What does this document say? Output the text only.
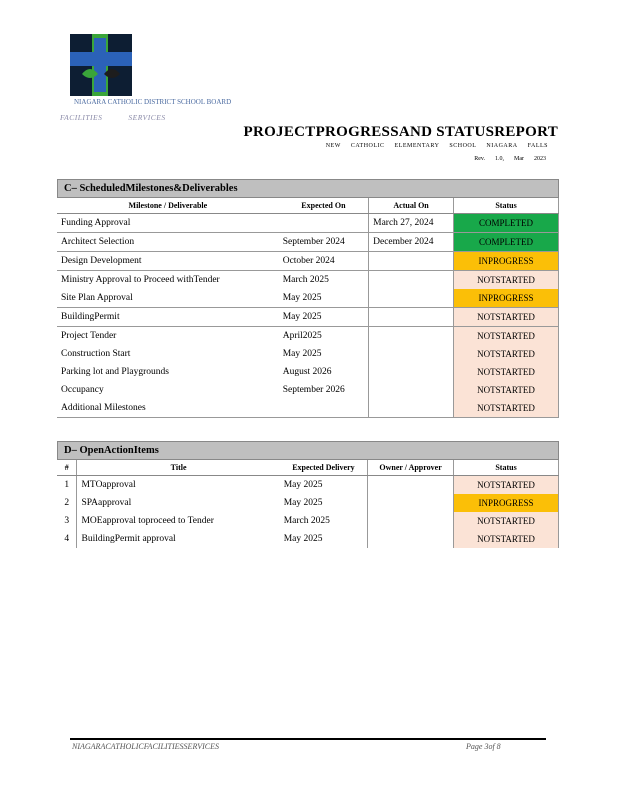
NIAGARA CATHOLIC DISTRICT SCHOOL BOARD
FACILITIES	SERVICES
PROJECTPROGRESSAND STATUSREPORT
NEW CATHOLIC ELEMENTARY SCHOOL NIAGARA FALLS
Rev. 1.0, Mar 2023
C– ScheduledMilestones&Deliverables
Milestone / Deliverable	Expected On	Actual On	Status
Funding Approval		March 27, 2024	COMPLETED
Architect Selection	September 2024	December 2024	COMPLETED
Design Development	October 2024		INPROGRESS
Ministry Approval to Proceed withTender	March 2025		NOTSTARTED
Site Plan Approval	May 2025		INPROGRESS
BuildingPermit	May 2025		NOTSTARTED
Project Tender	April2025		NOTSTARTED
Construction Start	May 2025		NOTSTARTED
Parking lot and Playgrounds	August 2026		NOTSTARTED
Occupancy	September 2026		NOTSTARTED
Additional Milestones			NOTSTARTED
D– OpenActionItems
#	Title	Expected Delivery	Owner / Approver	Status
1	MTOapproval	May 2025		NOTSTARTED
2	SPAapproval	May 2025		INPROGRESS
3	MOEapproval toproceed to Tender	March 2025		NOTSTARTED
4	BuildingPermit approval	May 2025		NOTSTARTED
NIAGARACATHOLICFACILITIESSERVICES	Page 3of 8
